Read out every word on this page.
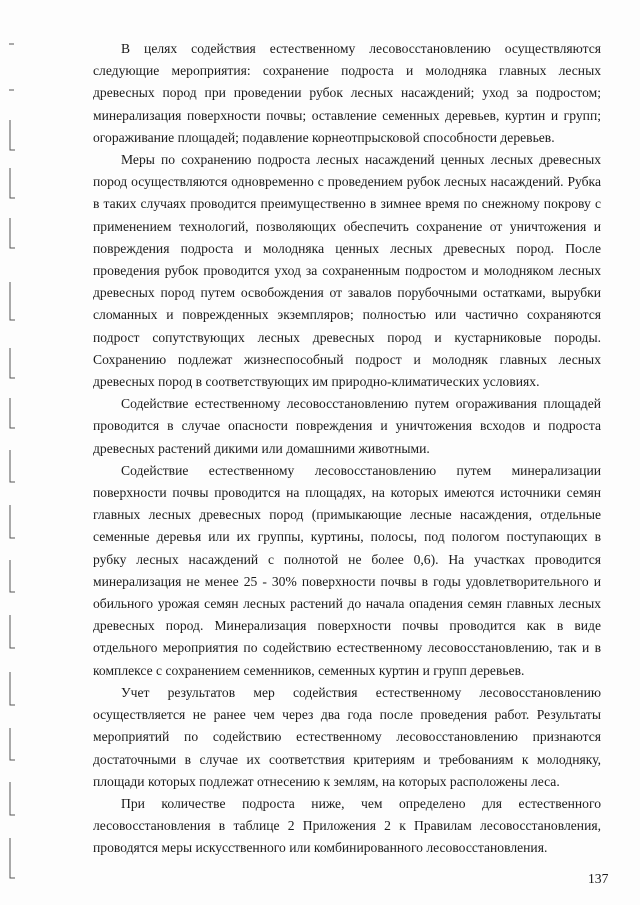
В целях содействия естественному лесовосстановлению осуществляются следующие мероприятия: сохранение подроста и молодняка главных лесных древесных пород при проведении рубок лесных насаждений; уход за подростом; минерализация поверхности почвы; оставление семенных деревьев, куртин и групп; огораживание площадей; подавление корнеотпрысковой способности деревьев.

Меры по сохранению подроста лесных насаждений ценных лесных древесных пород осуществляются одновременно с проведением рубок лесных насаждений. Рубка в таких случаях проводится преимущественно в зимнее время по снежному покрову с применением технологий, позволяющих обеспечить сохранение от уничтожения и повреждения подроста и молодняка ценных лесных древесных пород. После проведения рубок проводится уход за сохраненным подростом и молодняком лесных древесных пород путем освобождения от завалов порубочными остатками, вырубки сломанных и поврежденных экземпляров; полностью или частично сохраняются подрост сопутствующих лесных древесных пород и кустарниковые породы. Сохранению подлежат жизнеспособный подрост и молодняк главных лесных древесных пород в соответствующих им природно-климатических условиях.

Содействие естественному лесовосстановлению путем огораживания площадей проводится в случае опасности повреждения и уничтожения всходов и подроста древесных растений дикими или домашними животными.

Содействие естественному лесовосстановлению путем минерализации поверхности почвы проводится на площадях, на которых имеются источники семян главных лесных древесных пород (примыкающие лесные насаждения, отдельные семенные деревья или их группы, куртины, полосы, под пологом поступающих в рубку лесных насаждений с полнотой не более 0,6). На участках проводится минерализация не менее 25 - 30% поверхности почвы в годы удовлетворительного и обильного урожая семян лесных растений до начала опадения семян главных лесных древесных пород. Минерализация поверхности почвы проводится как в виде отдельного мероприятия по содействию естественному лесовосстановлению, так и в комплексе с сохранением семенников, семенных куртин и групп деревьев.

Учет результатов мер содействия естественному лесовосстановлению осуществляется не ранее чем через два года после проведения работ. Результаты мероприятий по содействию естественному лесовосстановлению признаются достаточными в случае их соответствия критериям и требованиям к молодняку, площади которых подлежат отнесению к землям, на которых расположены леса.

При количестве подроста ниже, чем определено для естественного лесовосстановления в таблице 2 Приложения 2 к Правилам лесовосстановления, проводятся меры искусственного или комбинированного лесовосстановления.

137
